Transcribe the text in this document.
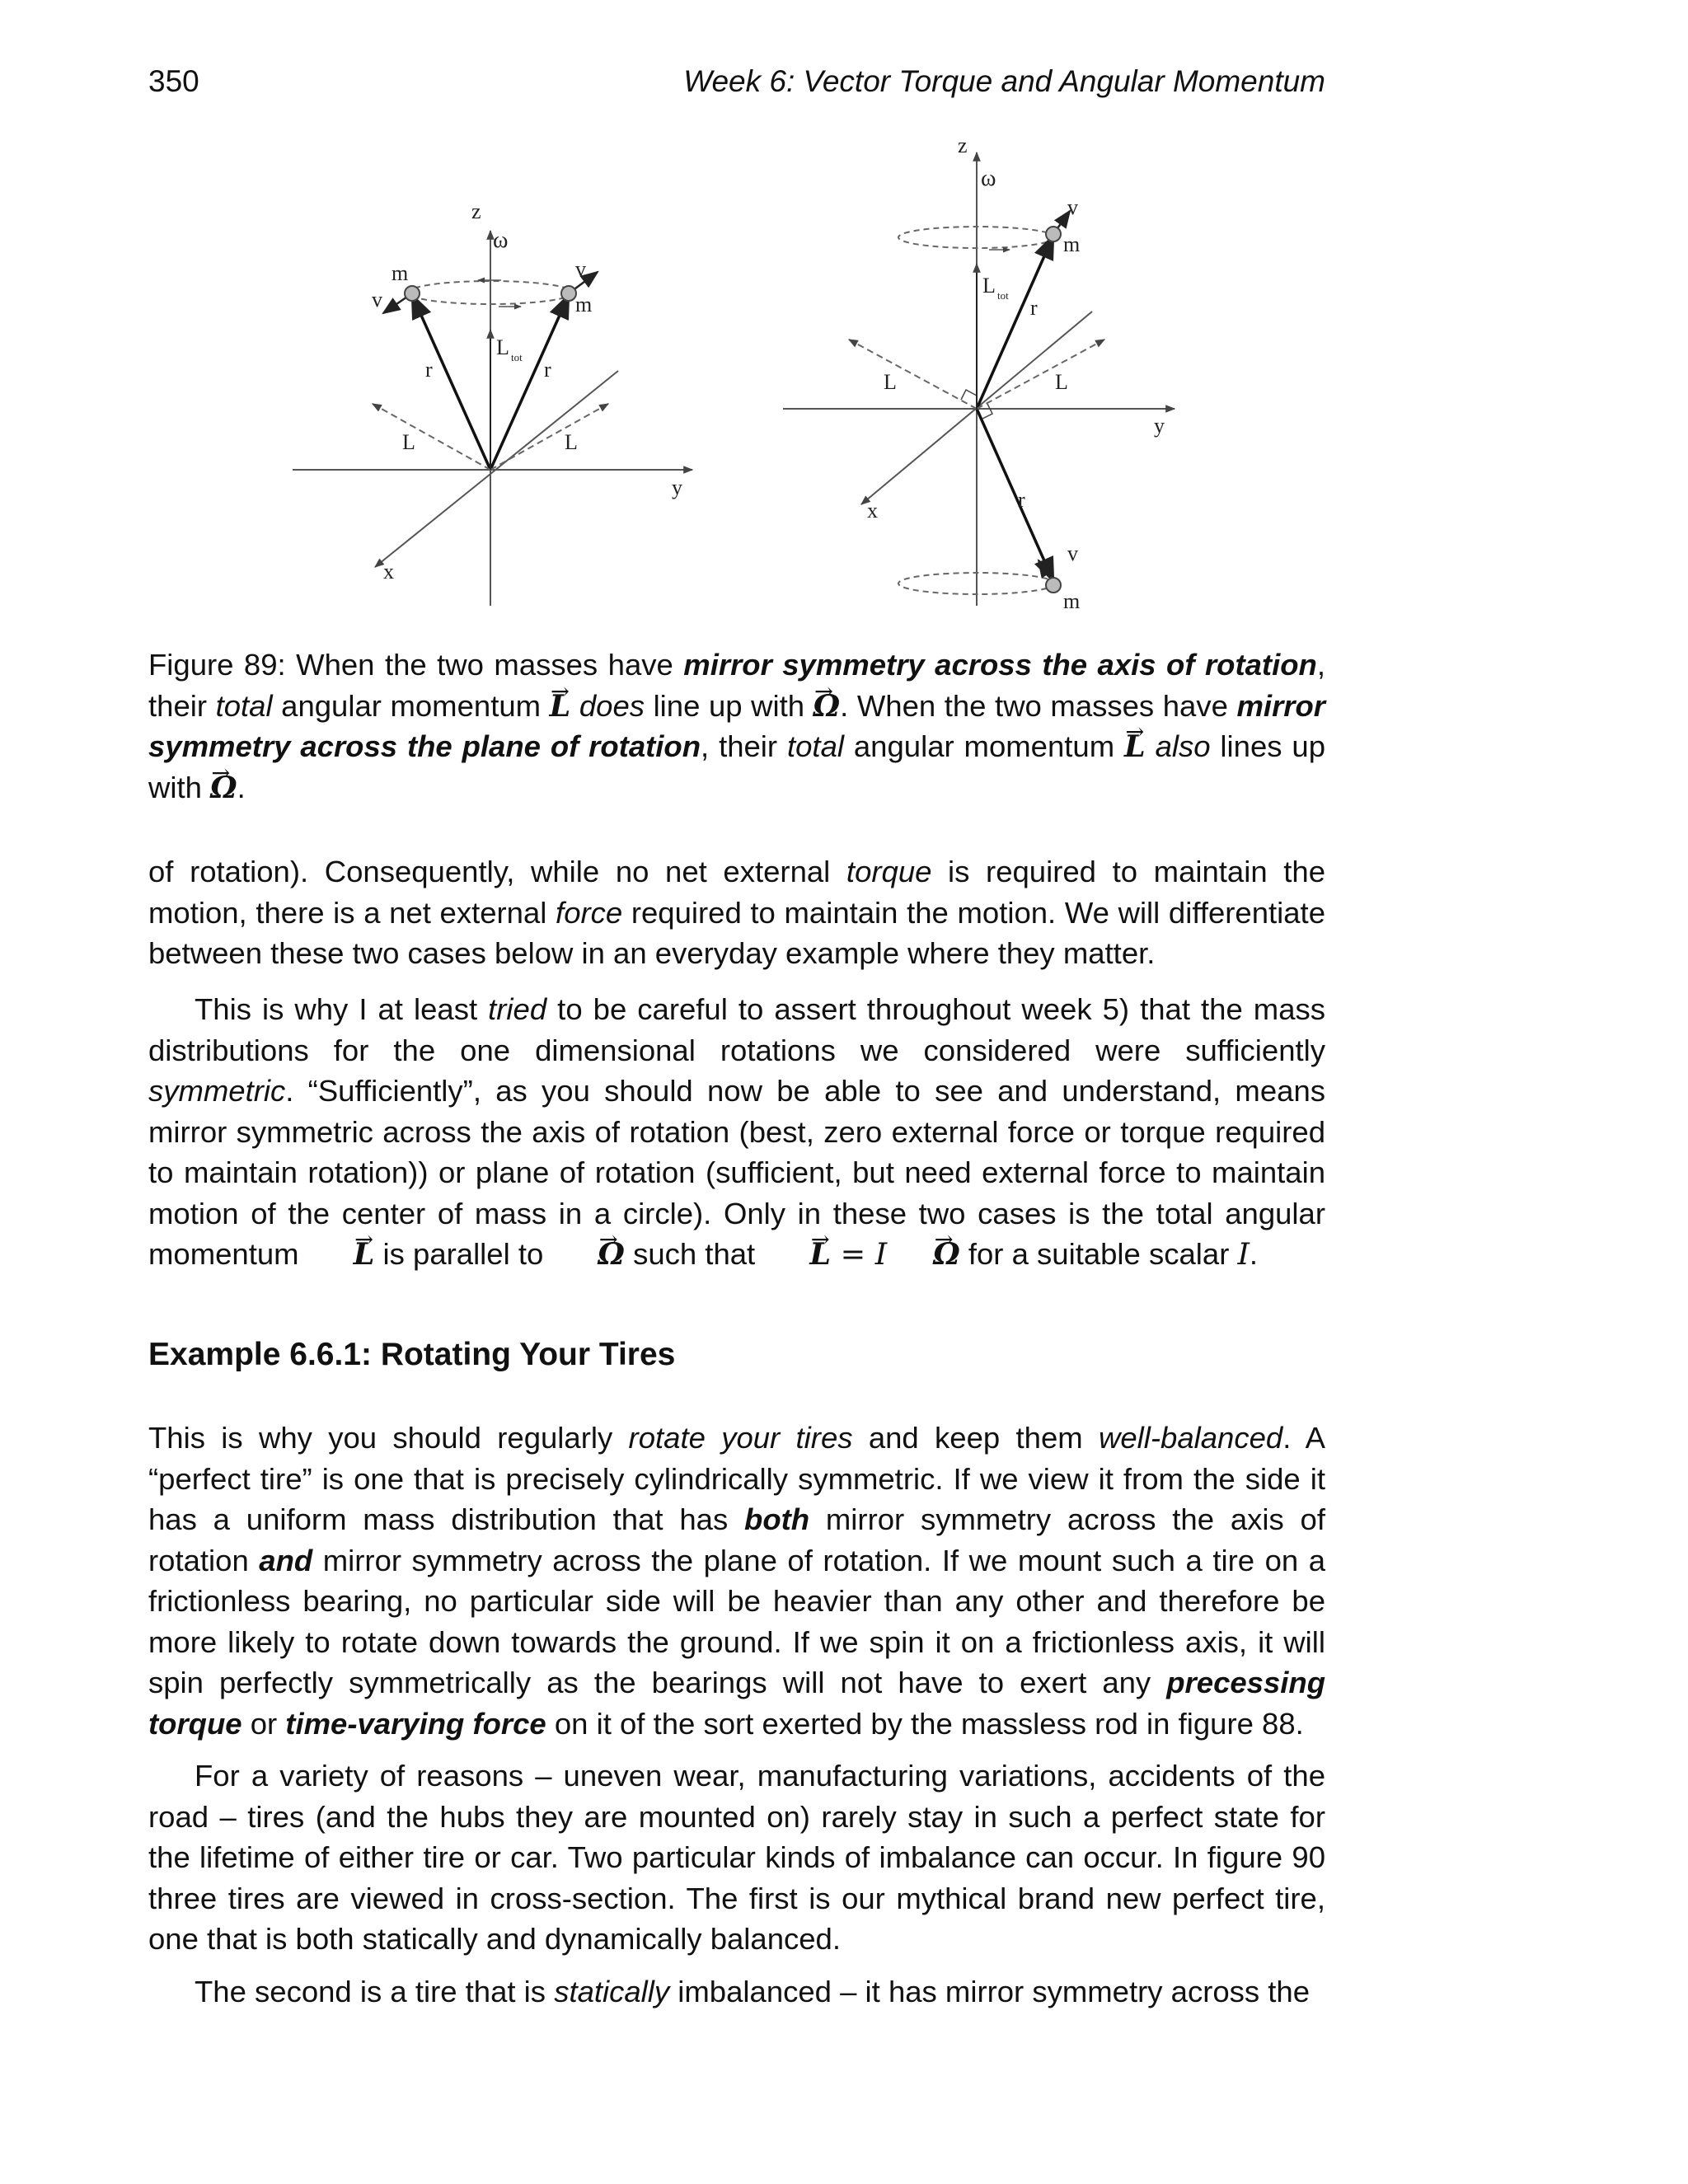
350	Week 6: Vector Torque and Angular Momentum
z
y
x
ω
m
m
v
v
r	r
L	L
L tot
z
y
x
ω
m
m
v
v
r
r
L	L
L tot
Figure 89: When the two masses have mirror symmetry across the axis of rotation, their total angular momentum → L does line up with → Ω. When the two masses have mirror symmetry across the plane of rotation, their total angular momentum → L also lines up with → Ω.
of rotation). Consequently, while no net external torque is required to maintain the motion, there is a net external force required to maintain the motion. We will differentiate between these two cases below in an everyday example where they matter.
This is why I at least tried to be careful to assert throughout week 5) that the mass distributions for the one dimensional rotations we considered were sufficiently symmetric. “Sufficiently”, as you should now be able to see and understand, means mirror symmetric across the axis of rotation (best, zero external force or torque required to maintain rotation)) or plane of rotation (sufficient, but need external force to maintain motion of the center of mass in a circle). Only in these two cases is the total angular momentum → L is parallel to → Ω such that → L = I→ Ω for a suitable scalar I.
Example 6.6.1: Rotating Your Tires
This is why you should regularly rotate your tires and keep them well-balanced. A “perfect tire” is one that is precisely cylindrically symmetric. If we view it from the side it has a uniform mass distribution that has both mirror symmetry across the axis of rotation and mirror symmetry across the plane of rotation. If we mount such a tire on a frictionless bearing, no particular side will be heavier than any other and therefore be more likely to rotate down towards the ground. If we spin it on a frictionless axis, it will spin perfectly symmetrically as the bearings will not have to exert any precessing torque or time-varying force on it of the sort exerted by the massless rod in figure 88.
For a variety of reasons – uneven wear, manufacturing variations, accidents of the road – tires (and the hubs they are mounted on) rarely stay in such a perfect state for the lifetime of either tire or car. Two particular kinds of imbalance can occur. In figure 90 three tires are viewed in cross-section. The first is our mythical brand new perfect tire, one that is both statically and dynamically balanced.
The second is a tire that is statically imbalanced – it has mirror symmetry across the
